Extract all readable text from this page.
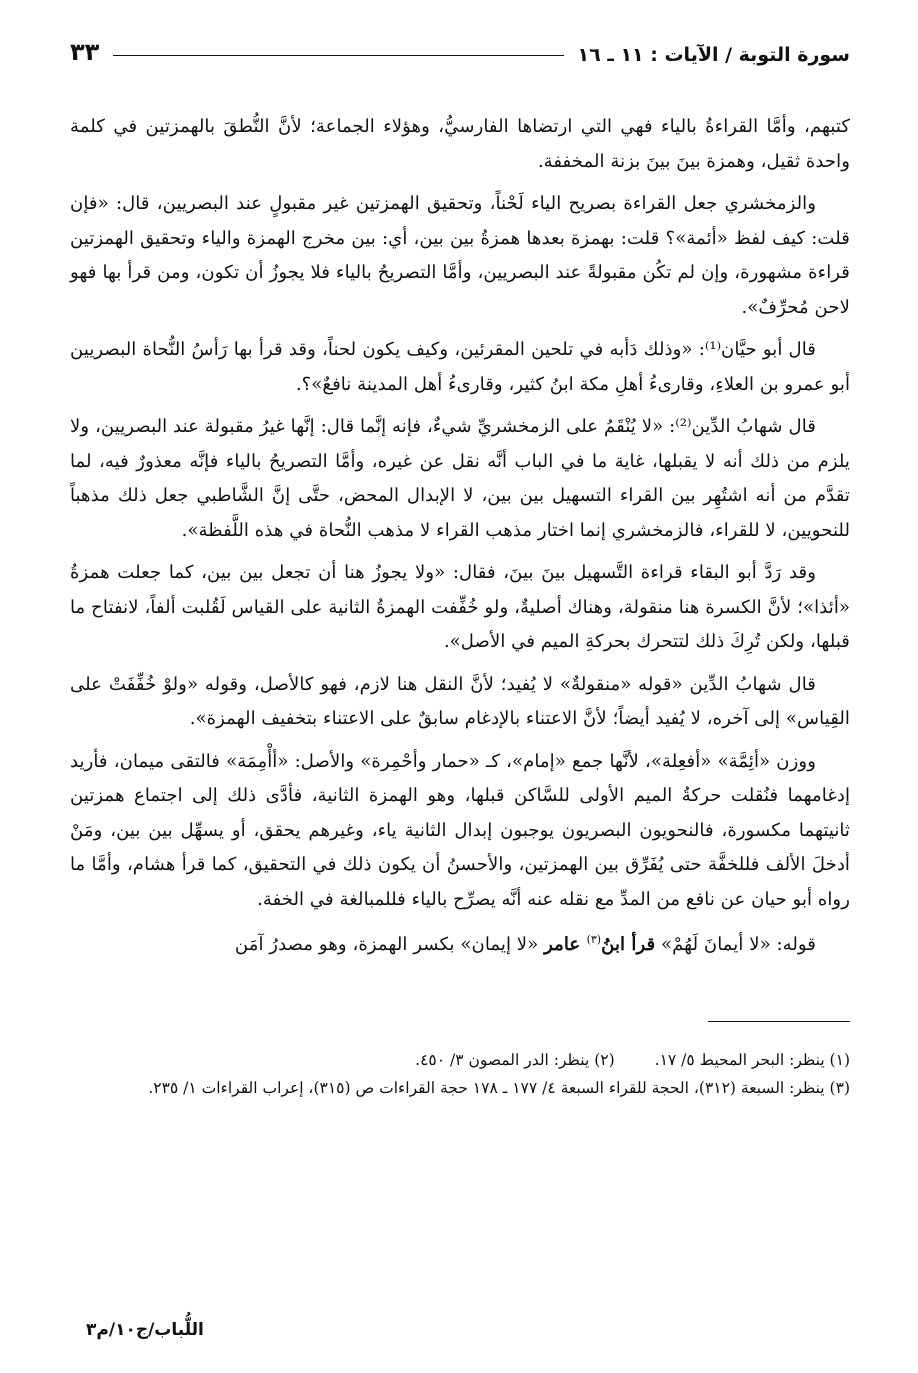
سورة التوبة / الآيات : ١١ ـ ١٦
٣٣

كتبهم، وأمَّا القراءةُ بالياء فهي التي ارتضاها الفارسيُّ، وهؤلاء الجماعة؛ لأنَّ النُّطقَ بالهمزتين في كلمة واحدة ثقيل، وهمزة بينَ بينَ بزنة المخففة.

والزمخشري جعل القراءة بصريح الياء لَحْناً، وتحقيق الهمزتين غير مقبولٍ عند البصريين، قال: «فإن قلت: كيف لفظ «أئمة»؟ قلت: بهمزة بعدها همزةُ بين بين، أي: بين مخرج الهمزة والياء وتحقيق الهمزتين قراءة مشهورة، وإن لم تكُن مقبولةً عند البصريين، وأمَّا التصريحُ بالياء فلا يجوزُ أن تكون، ومن قرأ بها فهو لاحن مُحرِّفٌ».

قال أبو حيَّان⁽¹⁾: «وذلك دَأبه في تلحين المقرئين، وكيف يكون لحناً، وقد قرأ بها رَأسُ النُّحاة البصريين أبو عمرو بن العلاءِ، وقارىءُ أهلِ مكة ابنُ كثير، وقارىءُ أهل المدينة نافعٌ»؟.

قال شهابُ الدِّين⁽²⁾: «لا يُنْقَمُ على الزمخشريِّ شيءٌ، فإنه إنَّما قال: إنَّها غيرُ مقبولة عند البصريين، ولا يلزم من ذلك أنه لا يقبلها، غاية ما في الباب أنَّه نقل عن غيره، وأمَّا التصريحُ بالياء فإنَّه معذورٌ فيه، لما تقدَّم من أنه اشتُهِر بين القراء التسهيل بين بين، لا الإبدال المحض، حتَّى إنَّ الشَّاطبي جعل ذلك مذهباً للنحويين، لا للقراء، فالزمخشري إنما اختار مذهب القراء لا مذهب النُّحاة في هذه اللَّفظة».

وقد رَدَّ أبو البقاء قراءة التَّسهيل بينَ بينَ، فقال: «ولا يجوزُ هنا أن تجعل بين بين، كما جعلت همزةُ «أئذا»؛ لأنَّ الكسرة هنا منقولة، وهناك أصليةٌ، ولو خُفِّفت الهمزةُ الثانية على القياس لَقُلبت ألفاً، لانفتاح ما قبلها، ولكن تُرِكَ ذلك لتتحرك بحركةِ الميم في الأصل».

قال شهابُ الدِّين «قوله «منقولةٌ» لا يُفيد؛ لأنَّ النقل هنا لازم، فهو كالأصل، وقوله «ولوْ خُفِّفَتْ على القِياس» إلى آخره، لا يُفيد أيضاً؛ لأنَّ الاعتناء بالإدغام سابقٌ على الاعتناء بتخفيف الهمزة».

ووزن «أئِمَّة» «أفعِلة»، لأنَّها جمع «إمام»، كـ «حمار وأحْمِرة» والأصل: «أأْمِمَة» فالتقى ميمان، فأريد إدغامهما فنُقلت حركةُ الميم الأولى للسَّاكن قبلها، وهو الهمزة الثانية، فأدَّى ذلك إلى اجتماع همزتين ثانيتهما مكسورة، فالنحويون البصريون يوجبون إبدال الثانية ياء، وغيرهم يحقق، أو يسهِّل بين بين، ومَنْ أدخلَ الألف فللخفَّة حتى يُفَرِّق بين الهمزتين، والأحسنُ أن يكون ذلك في التحقيق، كما قرأ هشام، وأمَّا ما رواه أبو حيان عن نافع من المدِّ مع نقله عنه أنَّه يصرِّح بالياء فللمبالغة في الخفة.

قوله: «لا أيمانَ لَهُمْ» قرأ ابنُ$^{(٣)}$ عامر «لا إيمان» بكسر الهمزة، وهو مصدرُ آمَن

(١) ينظر: البحر المحيط ٥/ ١٧.
(٢) ينظر: الدر المصون ٣/ ٤٥٠.
(٣) ينظر: السبعة (٣١٢)، الحجة للقراء السبعة ٤/ ١٧٧ ـ ١٧٨ حجة القراءات ص (٣١٥)، إعراب القراءات ١/ ٢٣٥.
اللُّباب/ج١٠/م٣
